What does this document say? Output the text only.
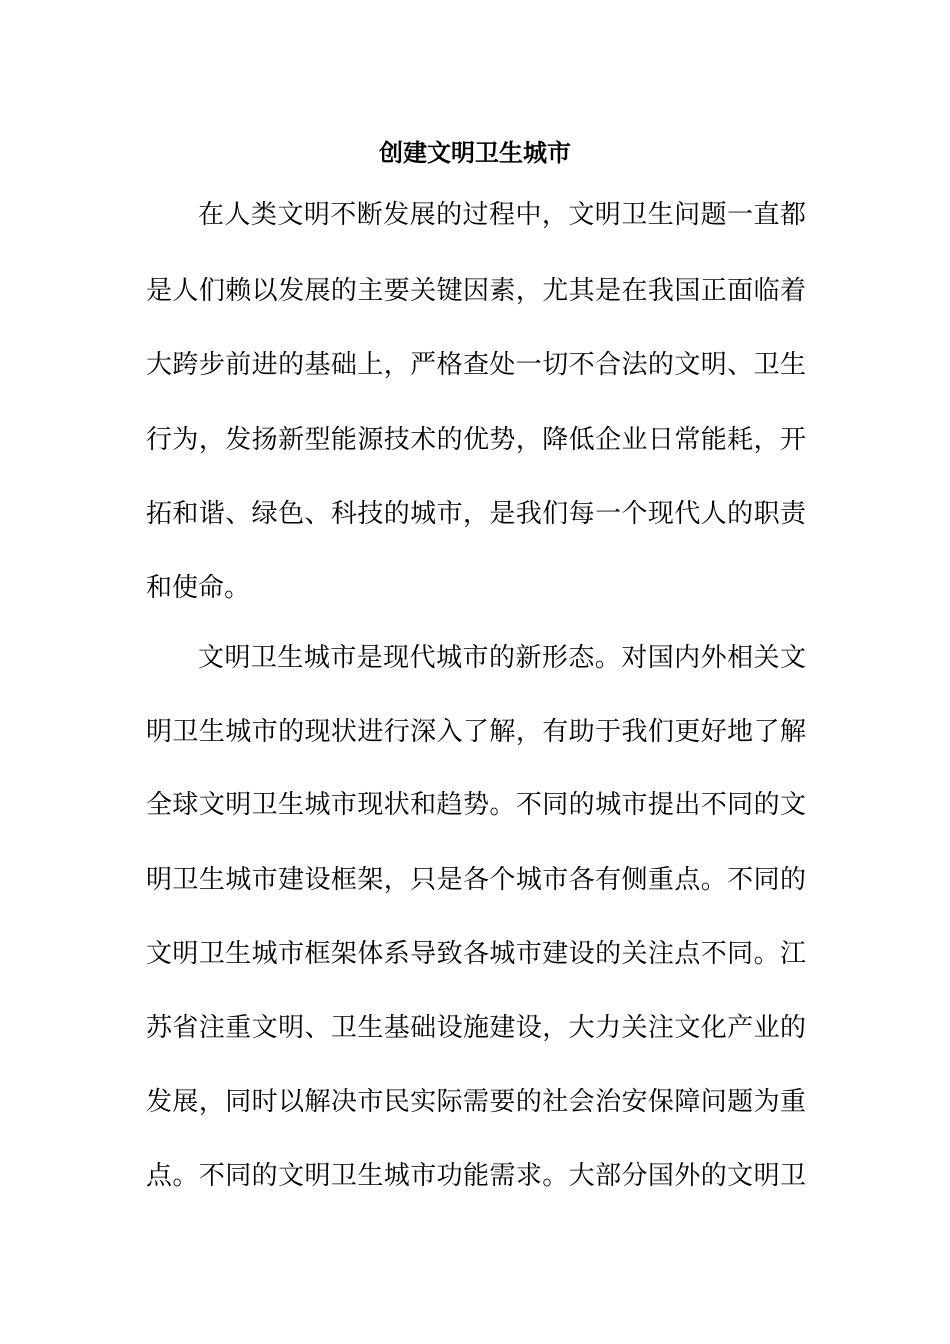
创建文明卫生城市
在人类文明不断发展的过程中，文明卫生问题一直都
是人们赖以发展的主要关键因素，尤其是在我国正面临着
大跨步前进的基础上，严格查处一切不合法的文明、卫生
行为，发扬新型能源技术的优势，降低企业日常能耗，开
拓和谐、绿色、科技的城市，是我们每一个现代人的职责
和使命。
文明卫生城市是现代城市的新形态。对国内外相关文
明卫生城市的现状进行深入了解，有助于我们更好地了解
全球文明卫生城市现状和趋势。不同的城市提出不同的文
明卫生城市建设框架，只是各个城市各有侧重点。不同的
文明卫生城市框架体系导致各城市建设的关注点不同。江
苏省注重文明、卫生基础设施建设，大力关注文化产业的
发展，同时以解决市民实际需要的社会治安保障问题为重
点。不同的文明卫生城市功能需求。大部分国外的文明卫
